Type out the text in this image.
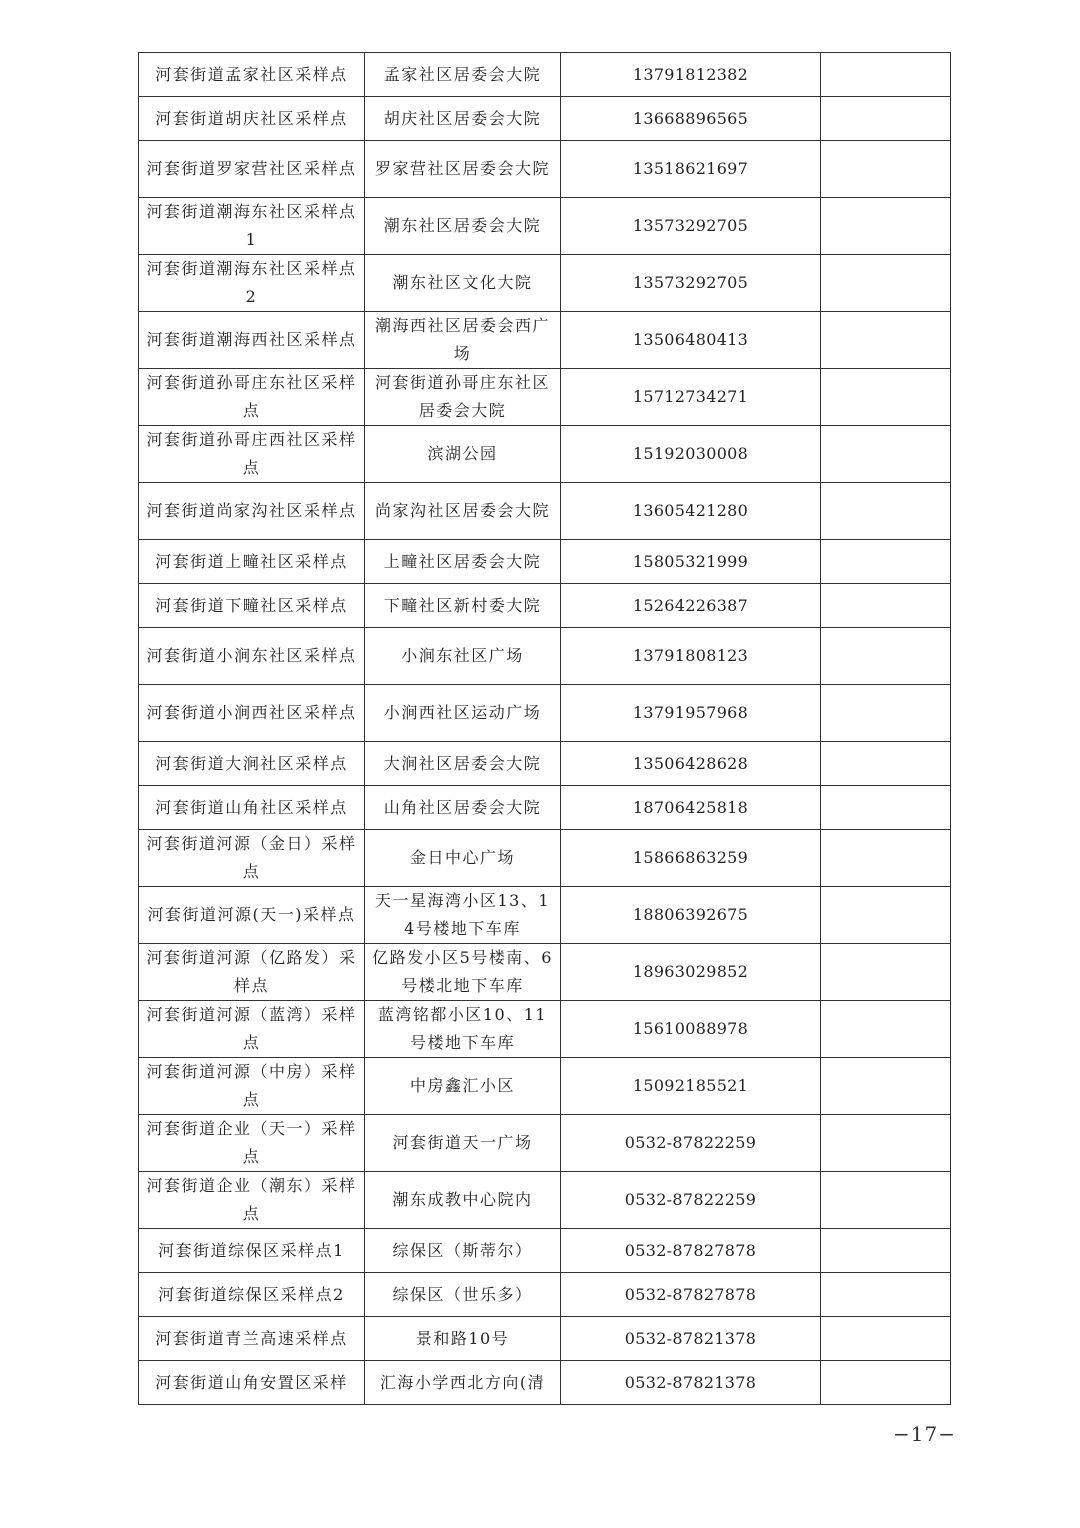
河套街道孟家社区采样点	孟家社区居委会大院	13791812382	
河套街道胡庆社区采样点	胡庆社区居委会大院	13668896565	
河套街道罗家营社区采样点	罗家营社区居委会大院	13518621697	
河套街道潮海东社区采样点1	潮东社区居委会大院	13573292705	
河套街道潮海东社区采样点2	潮东社区文化大院	13573292705	
河套街道潮海西社区采样点	潮海西社区居委会西广场	13506480413	
河套街道孙哥庄东社区采样点	河套街道孙哥庄东社区居委会大院	15712734271	
河套街道孙哥庄西社区采样点	滨湖公园	15192030008	
河套街道尚家沟社区采样点	尚家沟社区居委会大院	13605421280	
河套街道上疃社区采样点	上疃社区居委会大院	15805321999	
河套街道下疃社区采样点	下疃社区新村委大院	15264226387	
河套街道小涧东社区采样点	小涧东社区广场	13791808123	
河套街道小涧西社区采样点	小涧西社区运动广场	13791957968	
河套街道大涧社区采样点	大涧社区居委会大院	13506428628	
河套街道山角社区采样点	山角社区居委会大院	18706425818	
河套街道河源（金日）采样点	金日中心广场	15866863259	
河套街道河源(天一)采样点	天一星海湾小区13、14号楼地下车库	18806392675	
河套街道河源（亿路发）采样点	亿路发小区5号楼南、6号楼北地下车库	18963029852	
河套街道河源（蓝湾）采样点	蓝湾铭都小区10、11号楼地下车库	15610088978	
河套街道河源（中房）采样点	中房鑫汇小区	15092185521	
河套街道企业（天一）采样点	河套街道天一广场	0532-87822259	
河套街道企业（潮东）采样点	潮东成教中心院内	0532-87822259	
河套街道综保区采样点1	综保区（斯蒂尔）	0532-87827878	
河套街道综保区采样点2	综保区（世乐多）	0532-87827878	
河套街道青兰高速采样点	景和路10号	0532-87821378	
河套街道山角安置区采样	汇海小学西北方向(清	0532-87821378	
−17−
